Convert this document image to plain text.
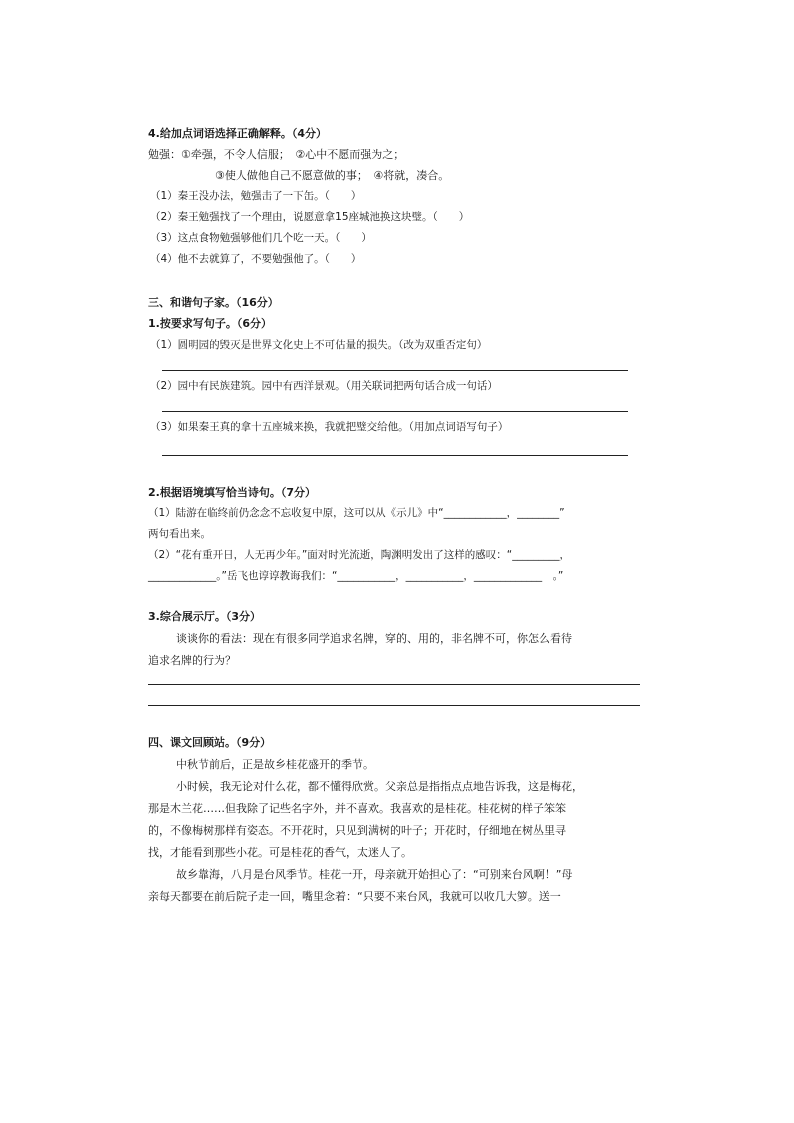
4.给加点词语选择正确解释。（4分）
勉强：①牵强，不令人信服；　②心中不愿而强为之；
③使人做他自己不愿意做的事；　④将就，凑合。
（1）秦王没办法，勉强击了一下缶。（　　）
（2）秦王勉强找了一个理由，说愿意拿15座城池换这块璧。（　　）
（3）这点食物勉强够他们几个吃一天。（　　）
（4）他不去就算了，不要勉强他了。（　　）
三、和谐句子家。（16分）
1.按要求写句子。（6分）
（1）圆明园的毁灭是世界文化史上不可估量的损失。（改为双重否定句）
（2）园中有民族建筑。园中有西洋景观。（用关联词把两句话合成一句话）
（3）如果秦王真的拿十五座城来换，我就把璧交给他。（用加点词语写句子）
2.根据语境填写恰当诗句。（7分）
（1）陆游在临终前仍念念不忘收复中原，这可以从《示儿》中“____________，________”
两句看出来。
（2）“花有重开日，人无再少年。”面对时光流逝，陶渊明发出了这样的感叹：“_________，
_____________。”岳飞也谆谆教诲我们：“___________，___________，_____________　。”
3.综合展示厅。（3分）
谈谈你的看法：现在有很多同学追求名牌，穿的、用的，非名牌不可，你怎么看待
追求名牌的行为？
四、课文回顾站。（9分）
中秋节前后，正是故乡桂花盛开的季节。
小时候，我无论对什么花，都不懂得欣赏。父亲总是指指点点地告诉我，这是梅花，
那是木兰花……但我除了记些名字外，并不喜欢。我喜欢的是桂花。桂花树的样子笨笨
的，不像梅树那样有姿态。不开花时，只见到满树的叶子；开花时，仔细地在树丛里寻
找，才能看到那些小花。可是桂花的香气，太迷人了。
故乡靠海，八月是台风季节。桂花一开，母亲就开始担心了：“可别来台风啊！”母
亲每天都要在前后院子走一回，嘴里念着：“只要不来台风，我就可以收几大箩。送一
